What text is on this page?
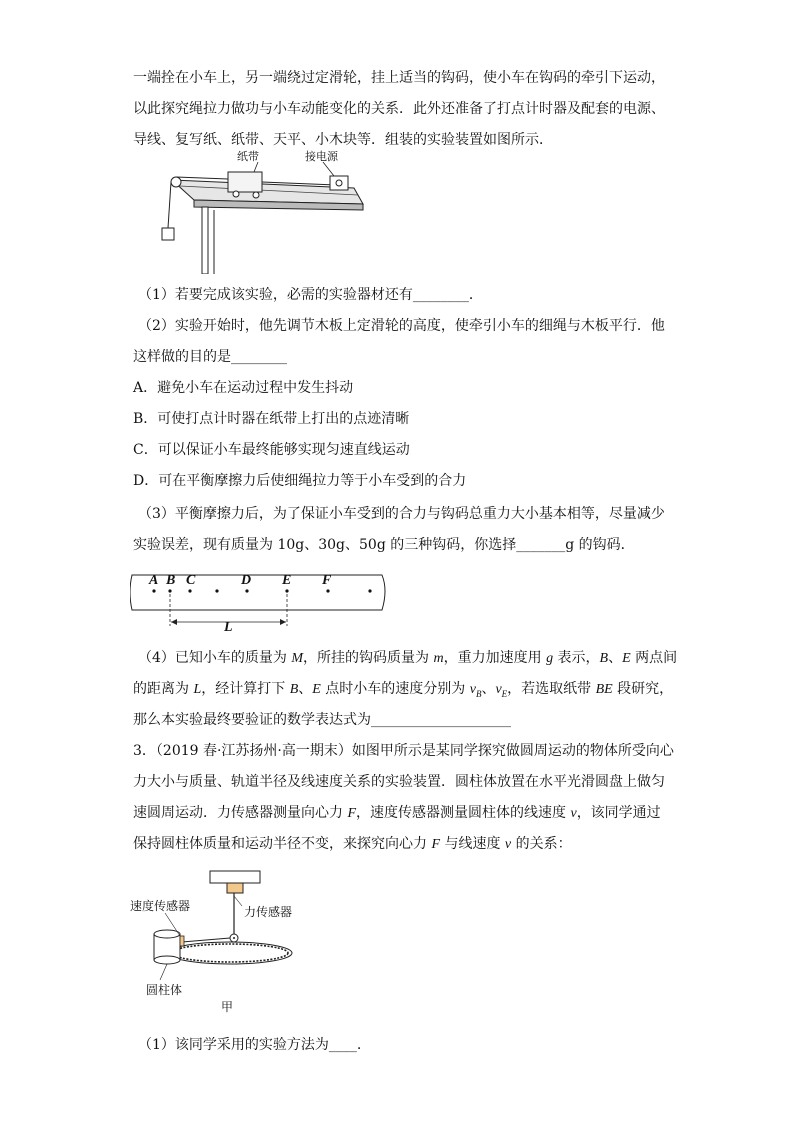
一端拴在小车上，另一端绕过定滑轮，挂上适当的钩码，使小车在钩码的牵引下运动，
以此探究绳拉力做功与小车动能变化的关系．此外还准备了打点计时器及配套的电源、
导线、复写纸、纸带、天平、小木块等．组装的实验装置如图所示．
纸带	接电源
（1）若要完成该实验，必需的实验器材还有________．
（2）实验开始时，他先调节木板上定滑轮的高度，使牵引小车的细绳与木板平行．他
这样做的目的是________
A．避免小车在运动过程中发生抖动
B．可使打点计时器在纸带上打出的点迹清晰
C．可以保证小车最终能够实现匀速直线运动
D．可在平衡摩擦力后使细绳拉力等于小车受到的合力
（3）平衡摩擦力后，为了保证小车受到的合力与钩码总重力大小基本相等，尽量减少
实验误差，现有质量为 10g、30g、50g 的三种钩码，你选择_______g 的钩码．
A B C	D E F
L
（4）已知小车的质量为 M，所挂的钩码质量为 m，重力加速度用 g 表示，B、E 两点间
的距离为 L，经计算打下 B、E 点时小车的速度分别为 $v_B$、$v_E$，若选取纸带 BE 段研究，
那么本实验最终要验证的数学表达式为____________________
3．（2019 春·江苏扬州·高一期末）如图甲所示是某同学探究做圆周运动的物体所受向心
力大小与质量、轨道半径及线速度关系的实验装置．圆柱体放置在水平光滑圆盘上做匀
速圆周运动．力传感器测量向心力 F，速度传感器测量圆柱体的线速度 v，该同学通过
保持圆柱体质量和运动半径不变，来探究向心力 F 与线速度 v 的关系：
速度传感器	力传感器
圆柱体
甲
（1）该同学采用的实验方法为____.
